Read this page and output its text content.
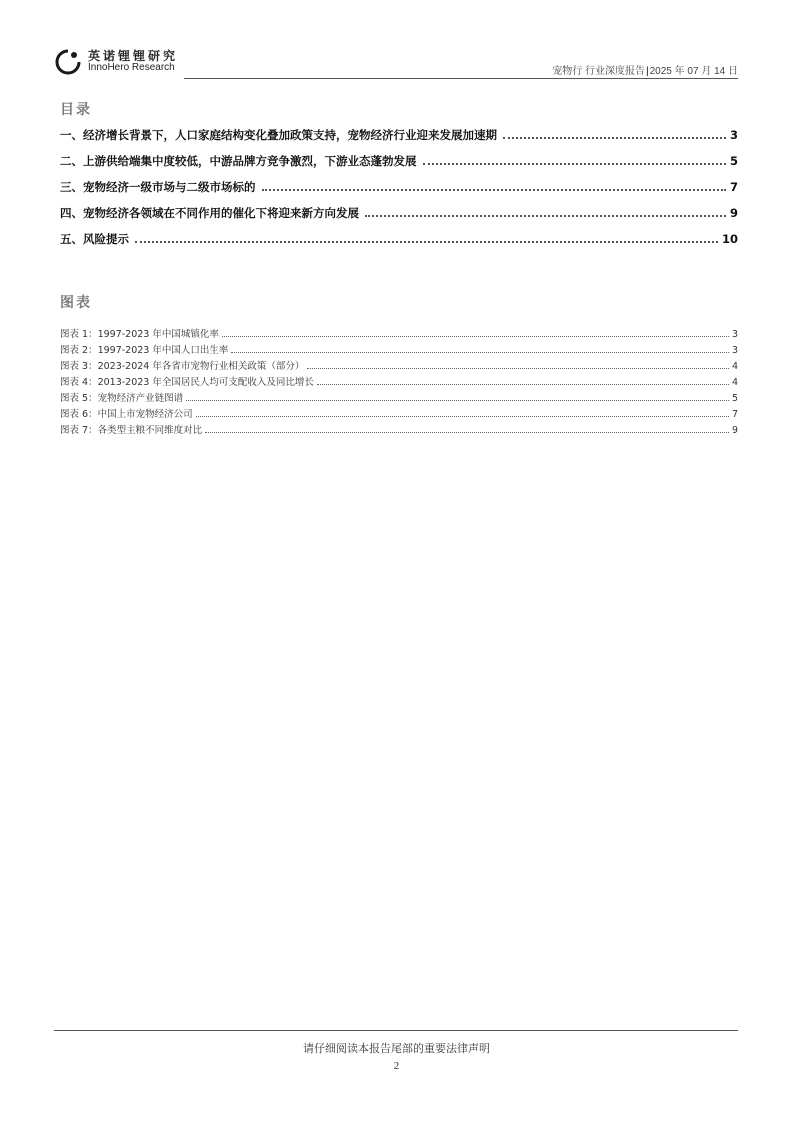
英诺锂锂研究
InnoHero Research	宠物行 行业深度报告|2025 年 07 月 14 日
目录
一、经济增长背景下，人口家庭结构变化叠加政策支持，宠物经济行业迎来发展加速期	3
二、上游供给端集中度较低，中游品牌方竞争激烈，下游业态蓬勃发展	5
三、宠物经济一级市场与二级市场标的	7
四、宠物经济各领域在不同作用的催化下将迎来新方向发展	9
五、风险提示	10
图表
图表 1：1997-2023 年中国城镇化率	3
图表 2：1997-2023 年中国人口出生率	3
图表 3：2023-2024 年各省市宠物行业相关政策（部分）	4
图表 4：2013-2023 年全国居民人均可支配收入及同比增长	4
图表 5：宠物经济产业链图谱	5
图表 6：中国上市宠物经济公司	7
图表 7：各类型主粮不同维度对比	9
请仔细阅读本报告尾部的重要法律声明
2
